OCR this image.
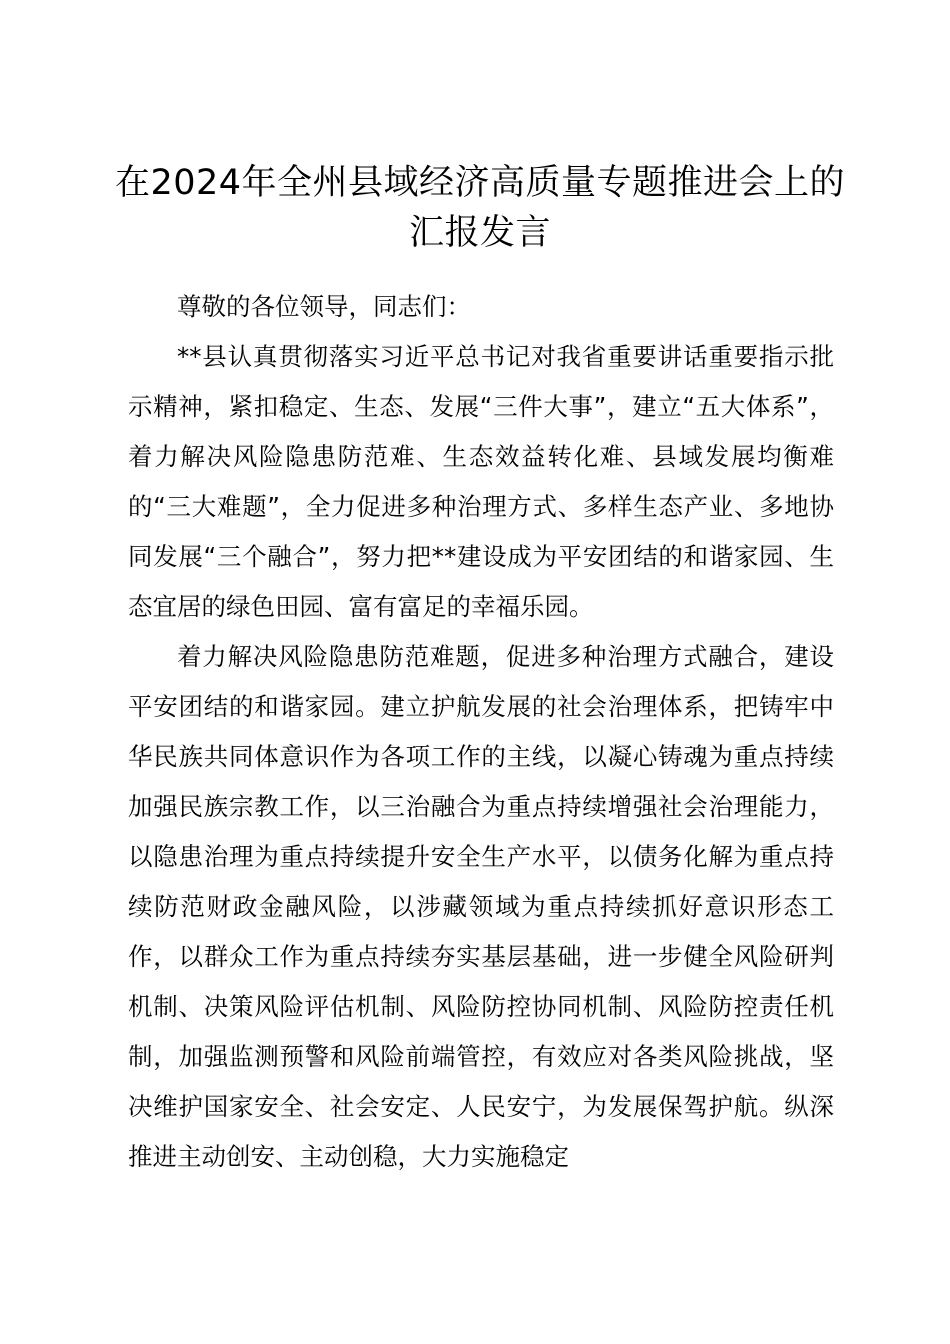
在2024年全州县域经济高质量专题推进会上的汇报发言

尊敬的各位领导，同志们：

**县认真贯彻落实习近平总书记对我省重要讲话重要指示批示精神，紧扣稳定、生态、发展“三件大事”，建立“五大体系”，着力解决风险隐患防范难、生态效益转化难、县域发展均衡难的“三大难题”，全力促进多种治理方式、多样生态产业、多地协同发展“三个融合”，努力把**建设成为平安团结的和谐家园、生态宜居的绿色田园、富有富足的幸福乐园。

着力解决风险隐患防范难题，促进多种治理方式融合，建设平安团结的和谐家园。建立护航发展的社会治理体系，把铸牢中华民族共同体意识作为各项工作的主线，以凝心铸魂为重点持续加强民族宗教工作，以三治融合为重点持续增强社会治理能力，以隐患治理为重点持续提升安全生产水平，以债务化解为重点持续防范财政金融风险，以涉藏领域为重点持续抓好意识形态工作，以群众工作为重点持续夯实基层基础，进一步健全风险研判机制、决策风险评估机制、风险防控协同机制、风险防控责任机制，加强监测预警和风险前端管控，有效应对各类风险挑战，坚决维护国家安全、社会安定、人民安宁，为发展保驾护航。纵深推进主动创安、主动创稳，大力实施稳定
